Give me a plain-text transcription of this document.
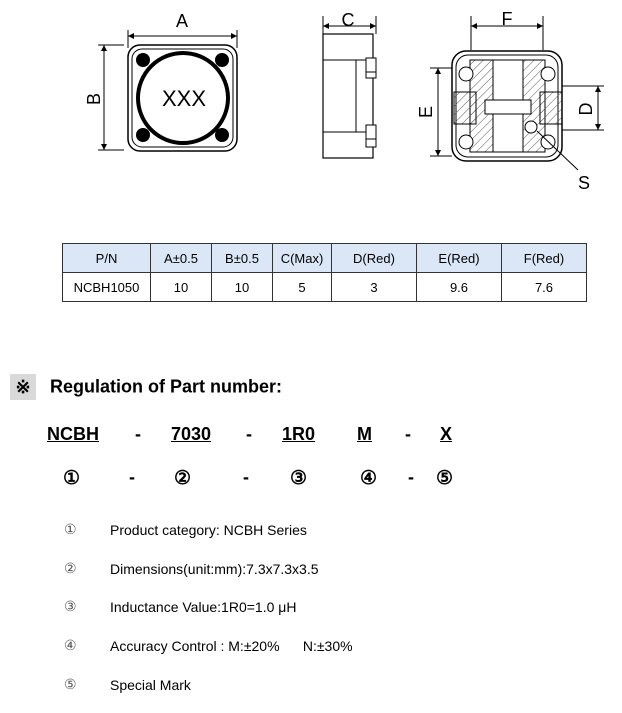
A
B	XXX
C	F
E	D
S
P/N	A±0.5	B±0.5	C(Max)	D(Red)	E(Red)	F(Red)
NCBH1050	10	10	5	3	9.6	7.6
※ Regulation of Part number:
NCBH - 7030 - 1R0 M - X
①	- ②	- ③	④ - ⑤
① Product category: NCBH Series
② Dimensions(unit:mm):7.3x7.3x3.5
③ Inductance Value:1R0=1.0 μH
④ Accuracy Control : M:±20%      N:±30%
⑤ Special Mark
